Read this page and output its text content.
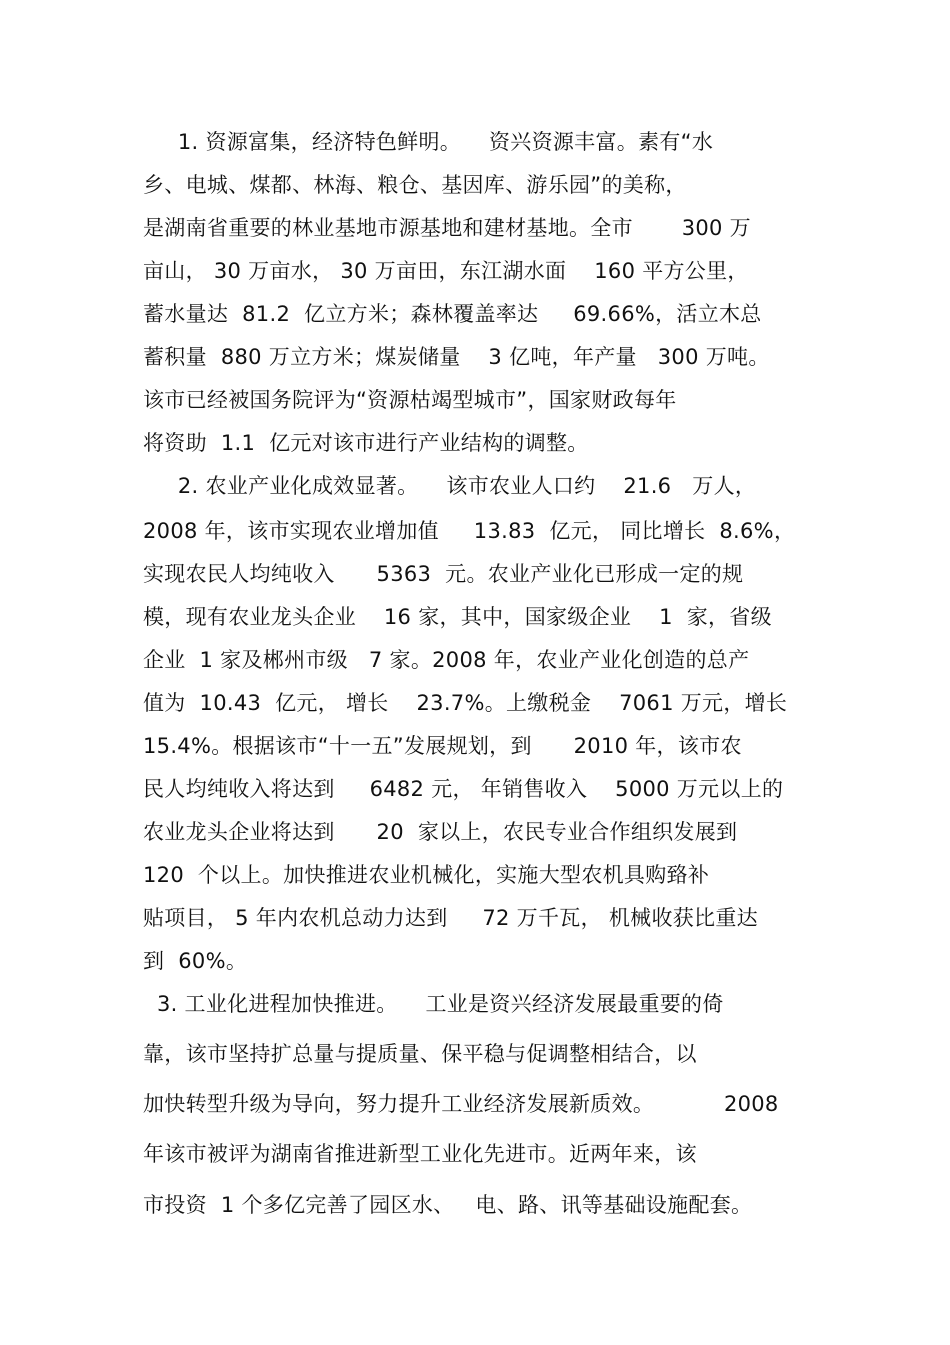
1. 资源富集，经济特色鲜明。    资兴资源丰富。素有“水
乡、电城、煤都、林海、粮仓、基因库、游乐园”的美称，
是湖南省重要的林业基地市源基地和建材基地。全市       300 万
亩山， 30 万亩水， 30 万亩田，东江湖水面    160 平方公里，
蓄水量达  81.2  亿立方米；森林覆盖率达     69.66%，活立木总
蓄积量  880 万立方米；煤炭储量    3 亿吨，年产量   300 万吨。
该市已经被国务院评为“资源枯竭型城市”，国家财政每年
将资助  1.1  亿元对该市进行产业结构的调整。
2. 农业产业化成效显著。    该市农业人口约    21.6   万人，
2008 年，该市实现农业增加值     13.83  亿元， 同比增长  8.6%，
实现农民人均纯收入      5363  元。农业产业化已形成一定的规
模，现有农业龙头企业    16 家，其中，国家级企业    1  家，省级
企业  1 家及郴州市级   7 家。2008 年，农业产业化创造的总产
值为  10.43  亿元， 增长    23.7%。上缴税金    7061 万元，增长
15.4%。根据该市“十一五”发展规划，到      2010 年，该市农
民人均纯收入将达到     6482 元， 年销售收入    5000 万元以上的
农业龙头企业将达到      20  家以上，农民专业合作组织发展到
120  个以上。加快推进农业机械化，实施大型农机具购臵补
贴项目， 5 年内农机总动力达到     72 万千瓦， 机械收获比重达
到  60%。
3. 工业化进程加快推进。    工业是资兴经济发展最重要的倚
靠，该市坚持扩总量与提质量、保平稳与促调整相结合，以
加快转型升级为导向，努力提升工业经济发展新质效。          2008
年该市被评为湖南省推进新型工业化先进市。近两年来，该
市投资  1 个多亿完善了园区水、   电、路、讯等基础设施配套。
